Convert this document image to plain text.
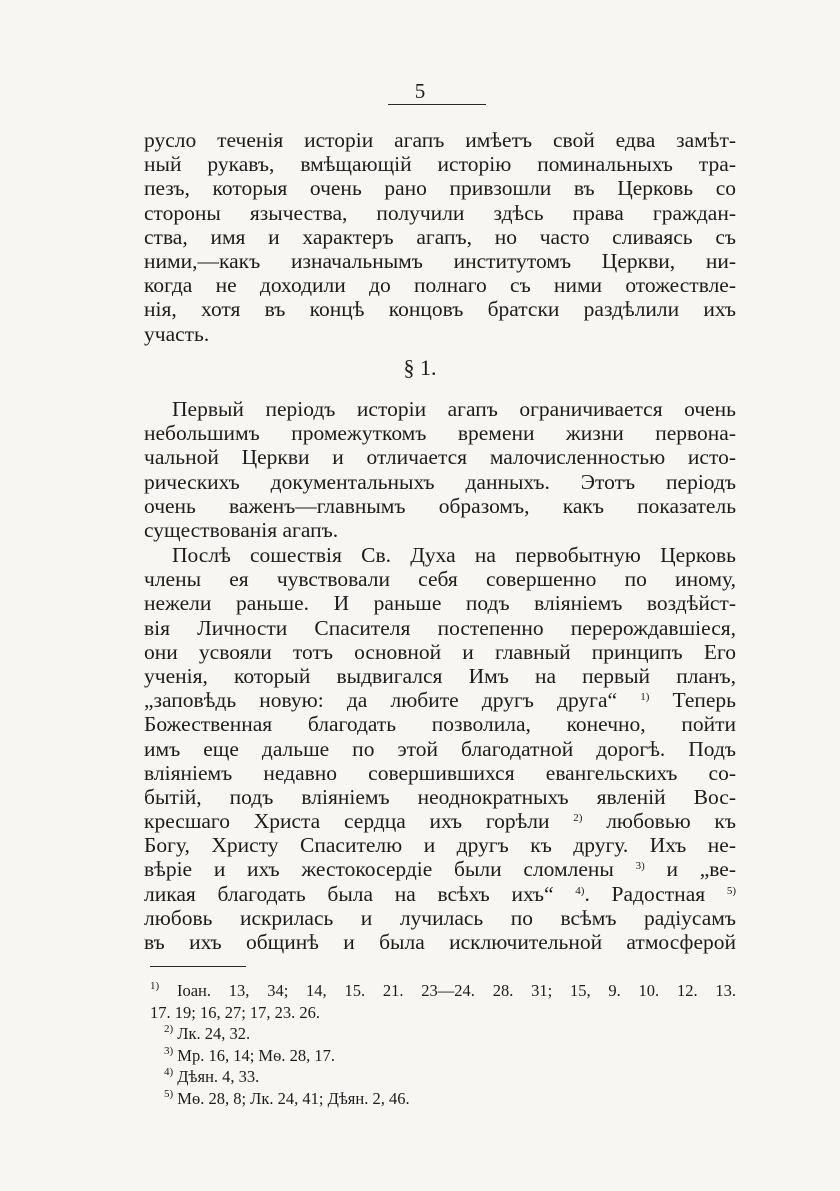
5
русло теченія исторіи агапъ имѣетъ свой едва замѣт-
ный рукавъ, вмѣщающій исторію поминальныхъ тра-
пезъ, которыя очень рано привзошли въ Церковь со
стороны язычества, получили здѣсь права граждан-
ства, имя и характеръ агапъ, но часто сливаясь съ
ними,—какъ изначальнымъ институтомъ Церкви, ни-
когда не доходили до полнаго съ ними отожествле-
нія, хотя въ концѣ концовъ братски раздѣлили ихъ
участь.
§ 1.
Первый періодъ исторіи агапъ ограничивается очень
небольшимъ промежуткомъ времени жизни первона-
чальной Церкви и отличается малочисленностью исто-
рическихъ документальныхъ данныхъ. Этотъ періодъ
очень важенъ—главнымъ образомъ, какъ показатель
существованія агапъ.
Послѣ сошествія Св. Духа на первобытную Церковь
члены ея чувствовали себя совершенно по иному,
нежели раньше. И раньше подъ вліяніемъ воздѣйст-
вія Личности Спасителя постепенно перерождавшіеся,
они усвояли тотъ основной и главный принципъ Его
ученія, который выдвигался Имъ на первый планъ,
„заповѣдь новую: да любите другъ друга“ $^{1)}$ Теперь
Божественная благодать позволила, конечно, пойти
имъ еще дальше по этой благодатной дорогѣ. Подъ
вліяніемъ недавно совершившихся евангельскихъ со-
бытій, подъ вліяніемъ неоднократныхъ явленій Вос-
кресшаго Христа сердца ихъ горѣли $^{2)}$ любовью къ
Богу, Христу Спасителю и другъ къ другу. Ихъ не-
вѣріе и ихъ жестокосердіе были сломлены $^{3)}$ и „ве-
ликая благодать была на всѣхъ ихъ“ $^{4)}$. Радостная $^{5)}$
любовь искрилась и лучилась по всѣмъ радіусамъ
въ ихъ общинѣ и была исключительной атмосферой
$^{1)}$ Іоан. 13, 34; 14, 15. 21. 23—24. 28. 31; 15, 9. 10. 12. 13.
17. 19; 16, 27; 17, 23. 26.
$^{2)}$ Лк. 24, 32.
$^{3)}$ Мр. 16, 14; Мѳ. 28, 17.
$^{4)}$ Дѣян. 4, 33.
$^{5)}$ Мѳ. 28, 8; Лк. 24, 41; Дѣян. 2, 46.
